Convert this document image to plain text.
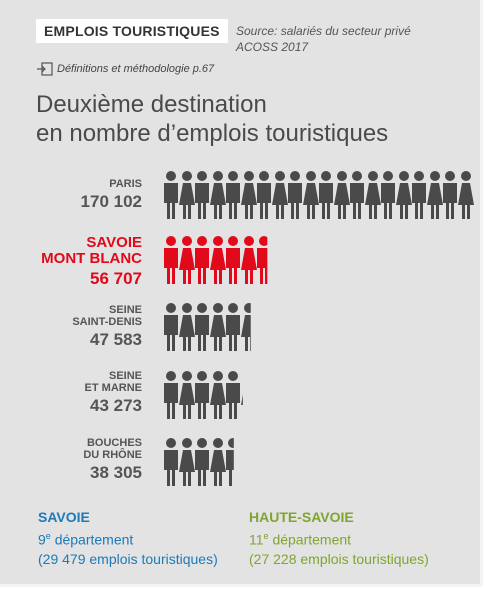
EMPLOIS TOURISTIQUES	Source: salariés du secteur privé
ACOSS 2017
Définitions et méthodologie p.67
Deuxième destination
en nombre d’emplois touristiques
PARIS
170 102
SAVOIE
MONT BLANC
56 707
SEINE
SAINT-DENIS
47 583
SEINE
ET MARNE
43 273
BOUCHES
DU RHÔNE
38 305
SAVOIE
9e département
(29 479 emplois touristiques)
HAUTE-SAVOIE
11e département
(27 228 emplois touristiques)
